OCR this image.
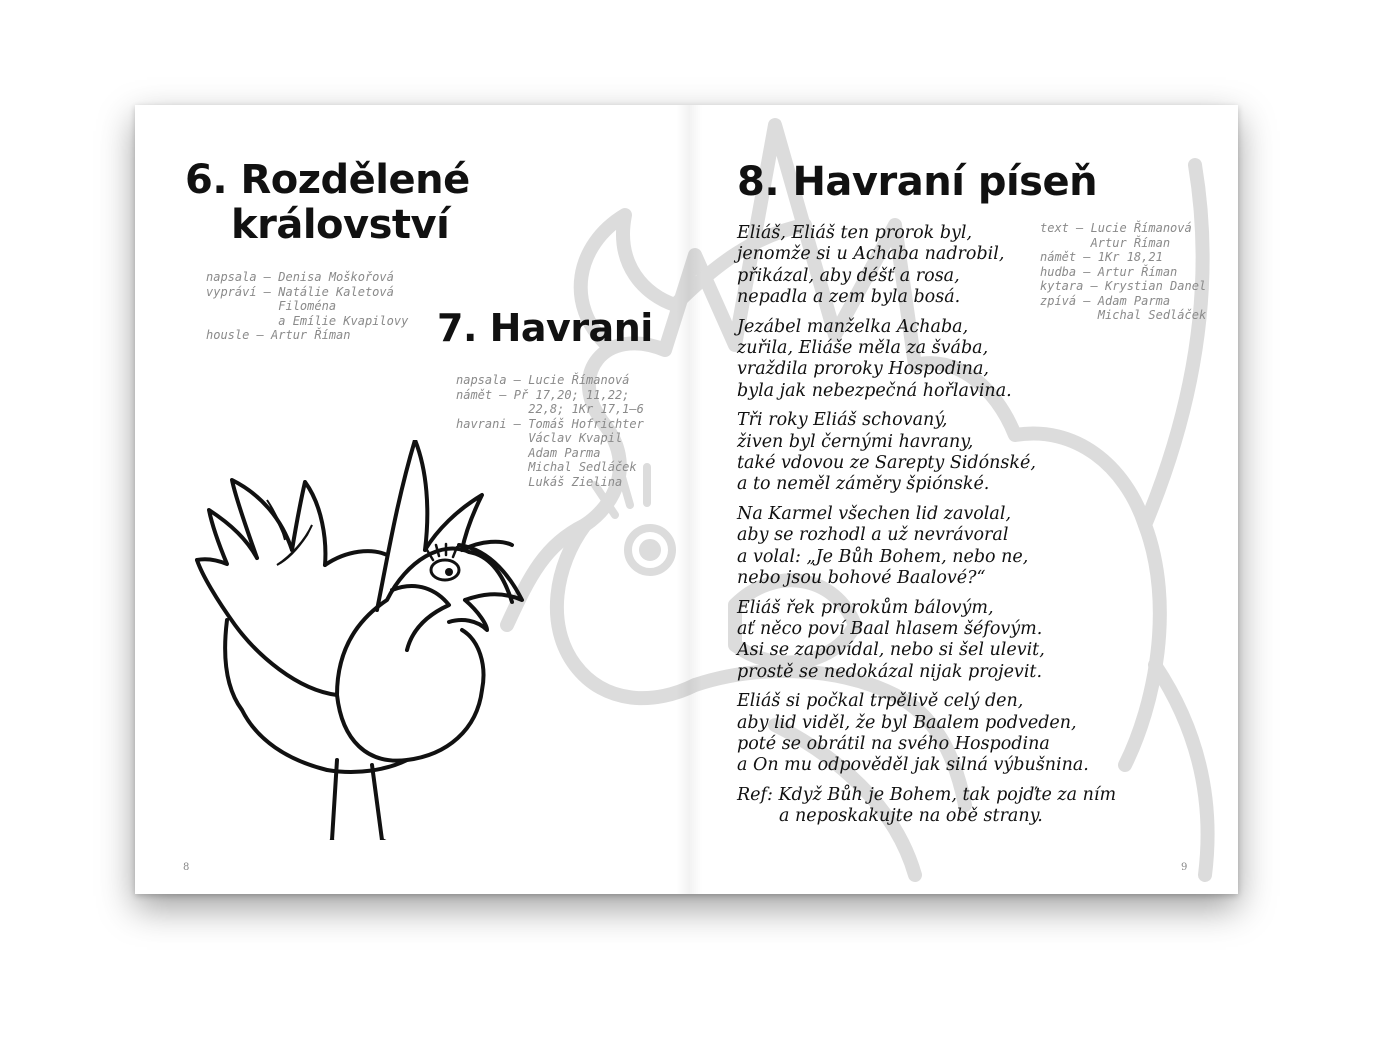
6. Rozdělené
království
napsala – Denisa Moškořová
vypráví – Natálie Kaletová
Filoména
a Emílie Kvapilovy
housle – Artur Říman	7. Havrani
napsala – Lucie Římanová
námět – Př 17,20; 11,22;
22,8; 1Kr 17,1–6
havrani – Tomáš Hofrichter
Václav Kvapil
Adam Parma
Michal Sedláček
Lukáš Zielina
8. Havraní píseň
text – Lucie Římanová
Artur Říman
námět – 1Kr 18,21
hudba – Artur Říman
kytara – Krystian Danel
zpívá – Adam Parma
Michal Sedláček
Eliáš, Eliáš ten prorok byl,
jenomže si u Achaba nadrobil,
přikázal, aby déšť a rosa,
nepadla a zem byla bosá.
Jezábel manželka Achaba,
zuřila, Eliáše měla za švába,
vraždila proroky Hospodina,
byla jak nebezpečná hořlavina.
Tři roky Eliáš schovaný,
živen byl černými havrany,
také vdovou ze Sarepty Sidónské,
a to neměl záměry špiónské.
Na Karmel všechen lid zavolal,
aby se rozhodl a už nevrávoral
a volal: „Je Bůh Bohem, nebo ne,
nebo jsou bohové Baalové?“
Eliáš řek prorokům bálovým,
ať něco poví Baal hlasem šéfovým.
Asi se zapovídal, nebo si šel ulevit,
prostě se nedokázal nijak projevit.
Eliáš si počkal trpělivě celý den,
aby lid viděl, že byl Baalem podveden,
poté se obrátil na svého Hospodina
a On mu odpověděl jak silná výbušnina.
Ref: Když Bůh je Bohem, tak pojďte za ním
a neposkakujte na obě strany.
8	9
